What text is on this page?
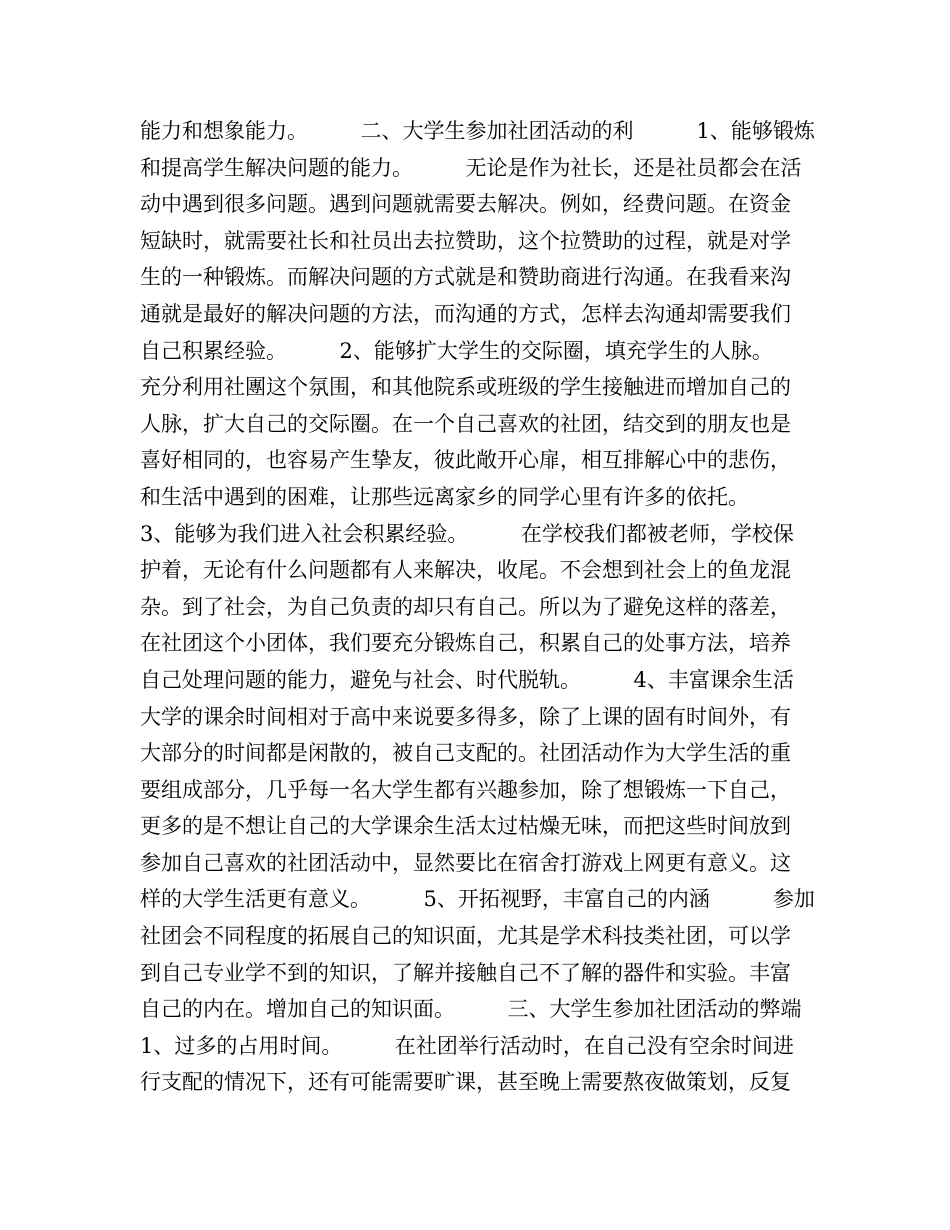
能力和想象能力。　　　二、大学生参加社团活动的利　　　1、能够锻炼
和提高学生解决问题的能力。　　　无论是作为社长，还是社员都会在活
动中遇到很多问题。遇到问题就需要去解决。例如，经费问题。在资金
短缺时，就需要社长和社员出去拉赞助，这个拉赞助的过程，就是对学
生的一种锻炼。而解决问题的方式就是和赞助商进行沟通。在我看来沟
通就是最好的解决问题的方法，而沟通的方式，怎样去沟通却需要我们
自己积累经验。　　　2、能够扩大学生的交际圈，填充学生的人脉。
充分利用社團这个氛围，和其他院系或班级的学生接触进而增加自己的
人脉，扩大自己的交际圈。在一个自己喜欢的社团，结交到的朋友也是
喜好相同的，也容易产生挚友，彼此敞开心扉，相互排解心中的悲伤，
和生活中遇到的困难，让那些远离家乡的同学心里有许多的依托。
3、能够为我们进入社会积累经验。　　　在学校我们都被老师，学校保
护着，无论有什么问题都有人来解决，收尾。不会想到社会上的鱼龙混
杂。到了社会，为自己负责的却只有自己。所以为了避免这样的落差，
在社团这个小团体，我们要充分锻炼自己，积累自己的处事方法，培养
自己处理问题的能力，避免与社会、时代脱轨。　　　4、丰富课余生活
大学的课余时间相对于高中来说要多得多，除了上课的固有时间外，有
大部分的时间都是闲散的，被自己支配的。社团活动作为大学生活的重
要组成部分，几乎每一名大学生都有兴趣参加，除了想锻炼一下自己，
更多的是不想让自己的大学课余生活太过枯燥无味，而把这些时间放到
参加自己喜欢的社团活动中，显然要比在宿舍打游戏上网更有意义。这
样的大学生活更有意义。　　　5、开拓视野，丰富自己的内涵　　　参加
社团会不同程度的拓展自己的知识面，尤其是学术科技类社团，可以学
到自己专业学不到的知识，了解并接触自己不了解的器件和实验。丰富
自己的内在。增加自己的知识面。　　　三、大学生参加社团活动的弊端
1、过多的占用时间。　　　在社团举行活动时，在自己没有空余时间进
行支配的情况下，还有可能需要旷课，甚至晚上需要熬夜做策划，反复
